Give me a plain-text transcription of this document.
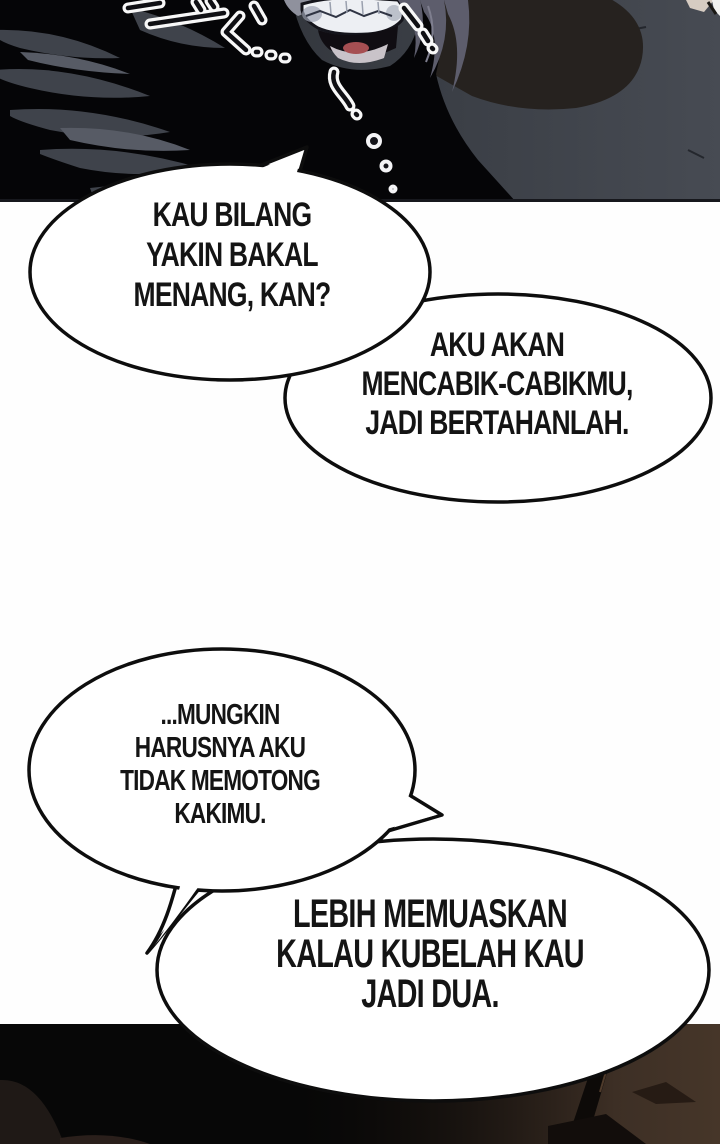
KAU BILANG
YAKIN BAKAL
MENANG, KAN?
AKU AKAN
MENCABIK-CABIKMU,
JADI BERTAHANLAH.
...MUNGKIN
HARUSNYA AKU
TIDAK MEMOTONG
KAKIMU.
LEBIH MEMUASKAN
KALAU KUBELAH KAU
JADI DUA.
